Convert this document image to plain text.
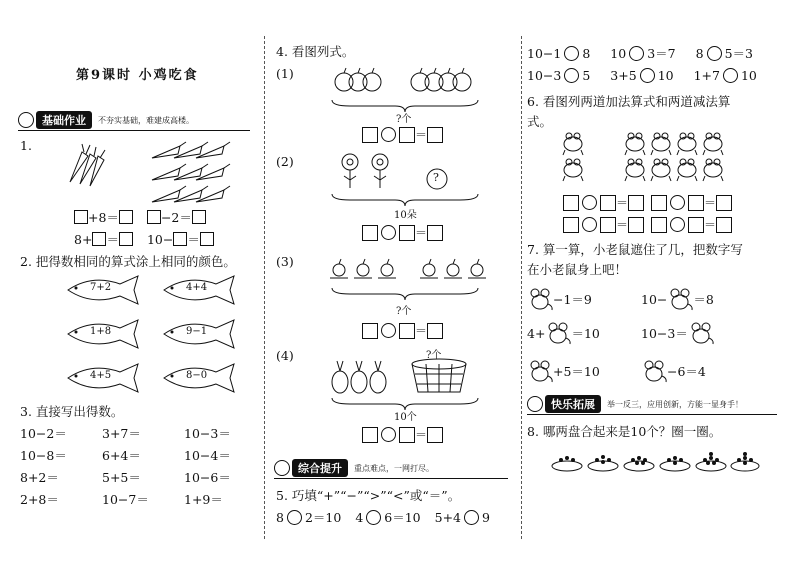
第9课时 小鸡吃食
基础作业	不夯实基础，难建成高楼。
1.
+8＝	−2＝
8+ ＝ 10− ＝
2. 把得数相同的算式涂上相同的颜色。
7+2	4+4
1+8	9−1
4+5	8−0
3. 直接写出得数。
10−2＝	3+7＝	10−3＝
10−8＝	6+4＝	10−4＝
8+2＝	5+5＝	10−6＝
2+8＝	10−7＝	1+9＝
4. 看图列式。
(1)
?个
＝
(2)
?
10朵
＝
(3)
?个
＝
(4)	?个
10个
＝
综合提升	重点难点，一网打尽。
5. 巧填“+”“−”“>”“<”或“＝”。
8 2＝10 4 6＝10 5+4 9
10−1 8 10 3＝7 8 5＝3
10−3 5 3+5 10 1+7 10
6. 看图列两道加法算式和两道减法算
式。
＝	＝
＝	＝
7. 算一算，小老鼠遮住了几，把数字写
在小老鼠身上吧！
−1＝9	10− ＝8
4+ ＝10	10−3＝
+5＝10	−6＝4
快乐拓展	举一反三，应用创新，方能一显身手！
8. 哪两盘合起来是10个？圈一圈。
